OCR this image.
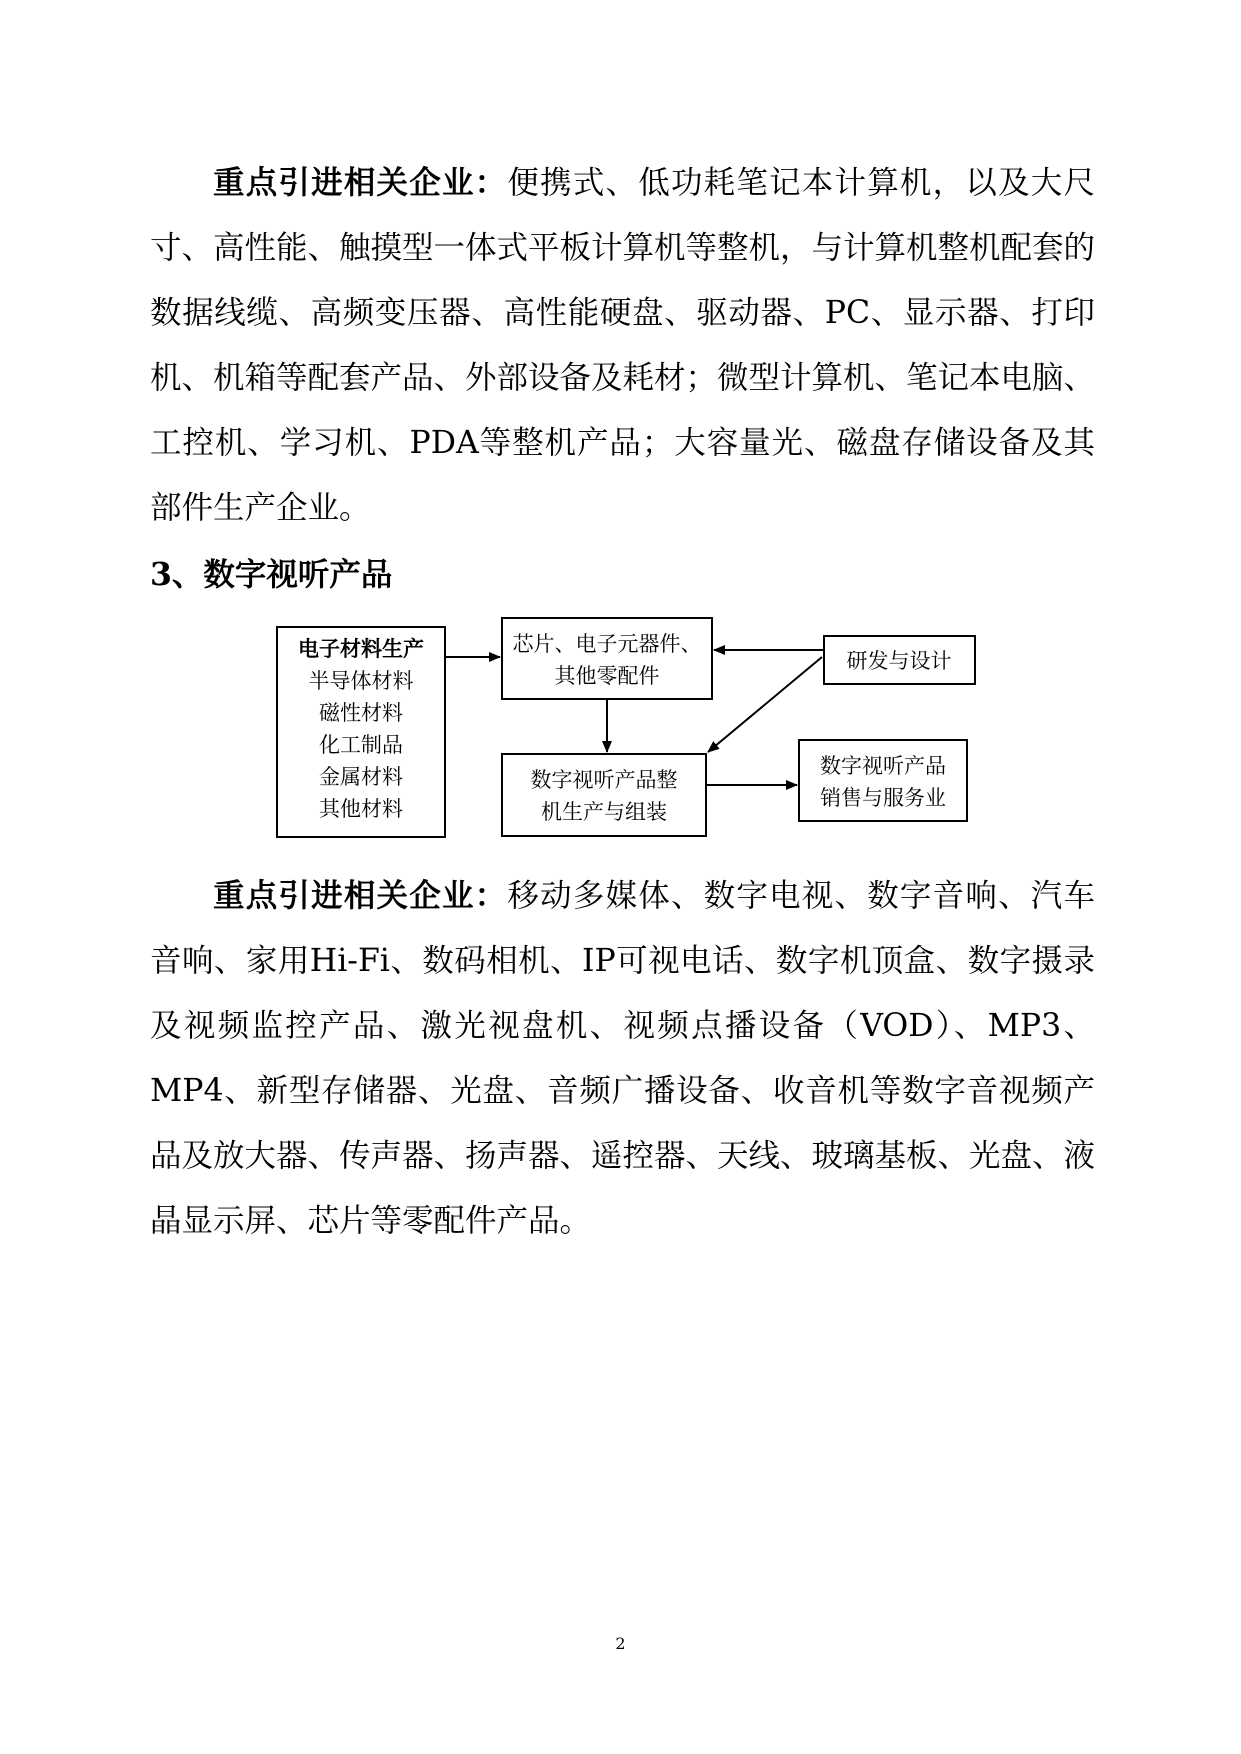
重点引进相关企业：便携式、低功耗笔记本计算机，以及大尺寸、高性能、触摸型一体式平板计算机等整机，与计算机整机配套的数据线缆、高频变压器、高性能硬盘、驱动器、PC、显示器、打印机、机箱等配套产品、外部设备及耗材；微型计算机、笔记本电脑、工控机、学习机、PDA等整机产品；大容量光、磁盘存储设备及其部件生产企业。

3、数字视听产品
电子材料生产
半导体材料
磁性材料
化工制品
金属材料
其他材料
芯片、电子元器件、
其他零配件
研发与设计
数字视听产品整
机生产与组装
数字视听产品
销售与服务业

重点引进相关企业：移动多媒体、数字电视、数字音响、汽车音响、家用Hi-Fi、数码相机、IP可视电话、数字机顶盒、数字摄录及视频监控产品、激光视盘机、视频点播设备（VOD）、MP3、MP4、新型存储器、光盘、音频广播设备、收音机等数字音视频产品及放大器、传声器、扬声器、遥控器、天线、玻璃基板、光盘、液晶显示屏、芯片等零配件产品。

2
